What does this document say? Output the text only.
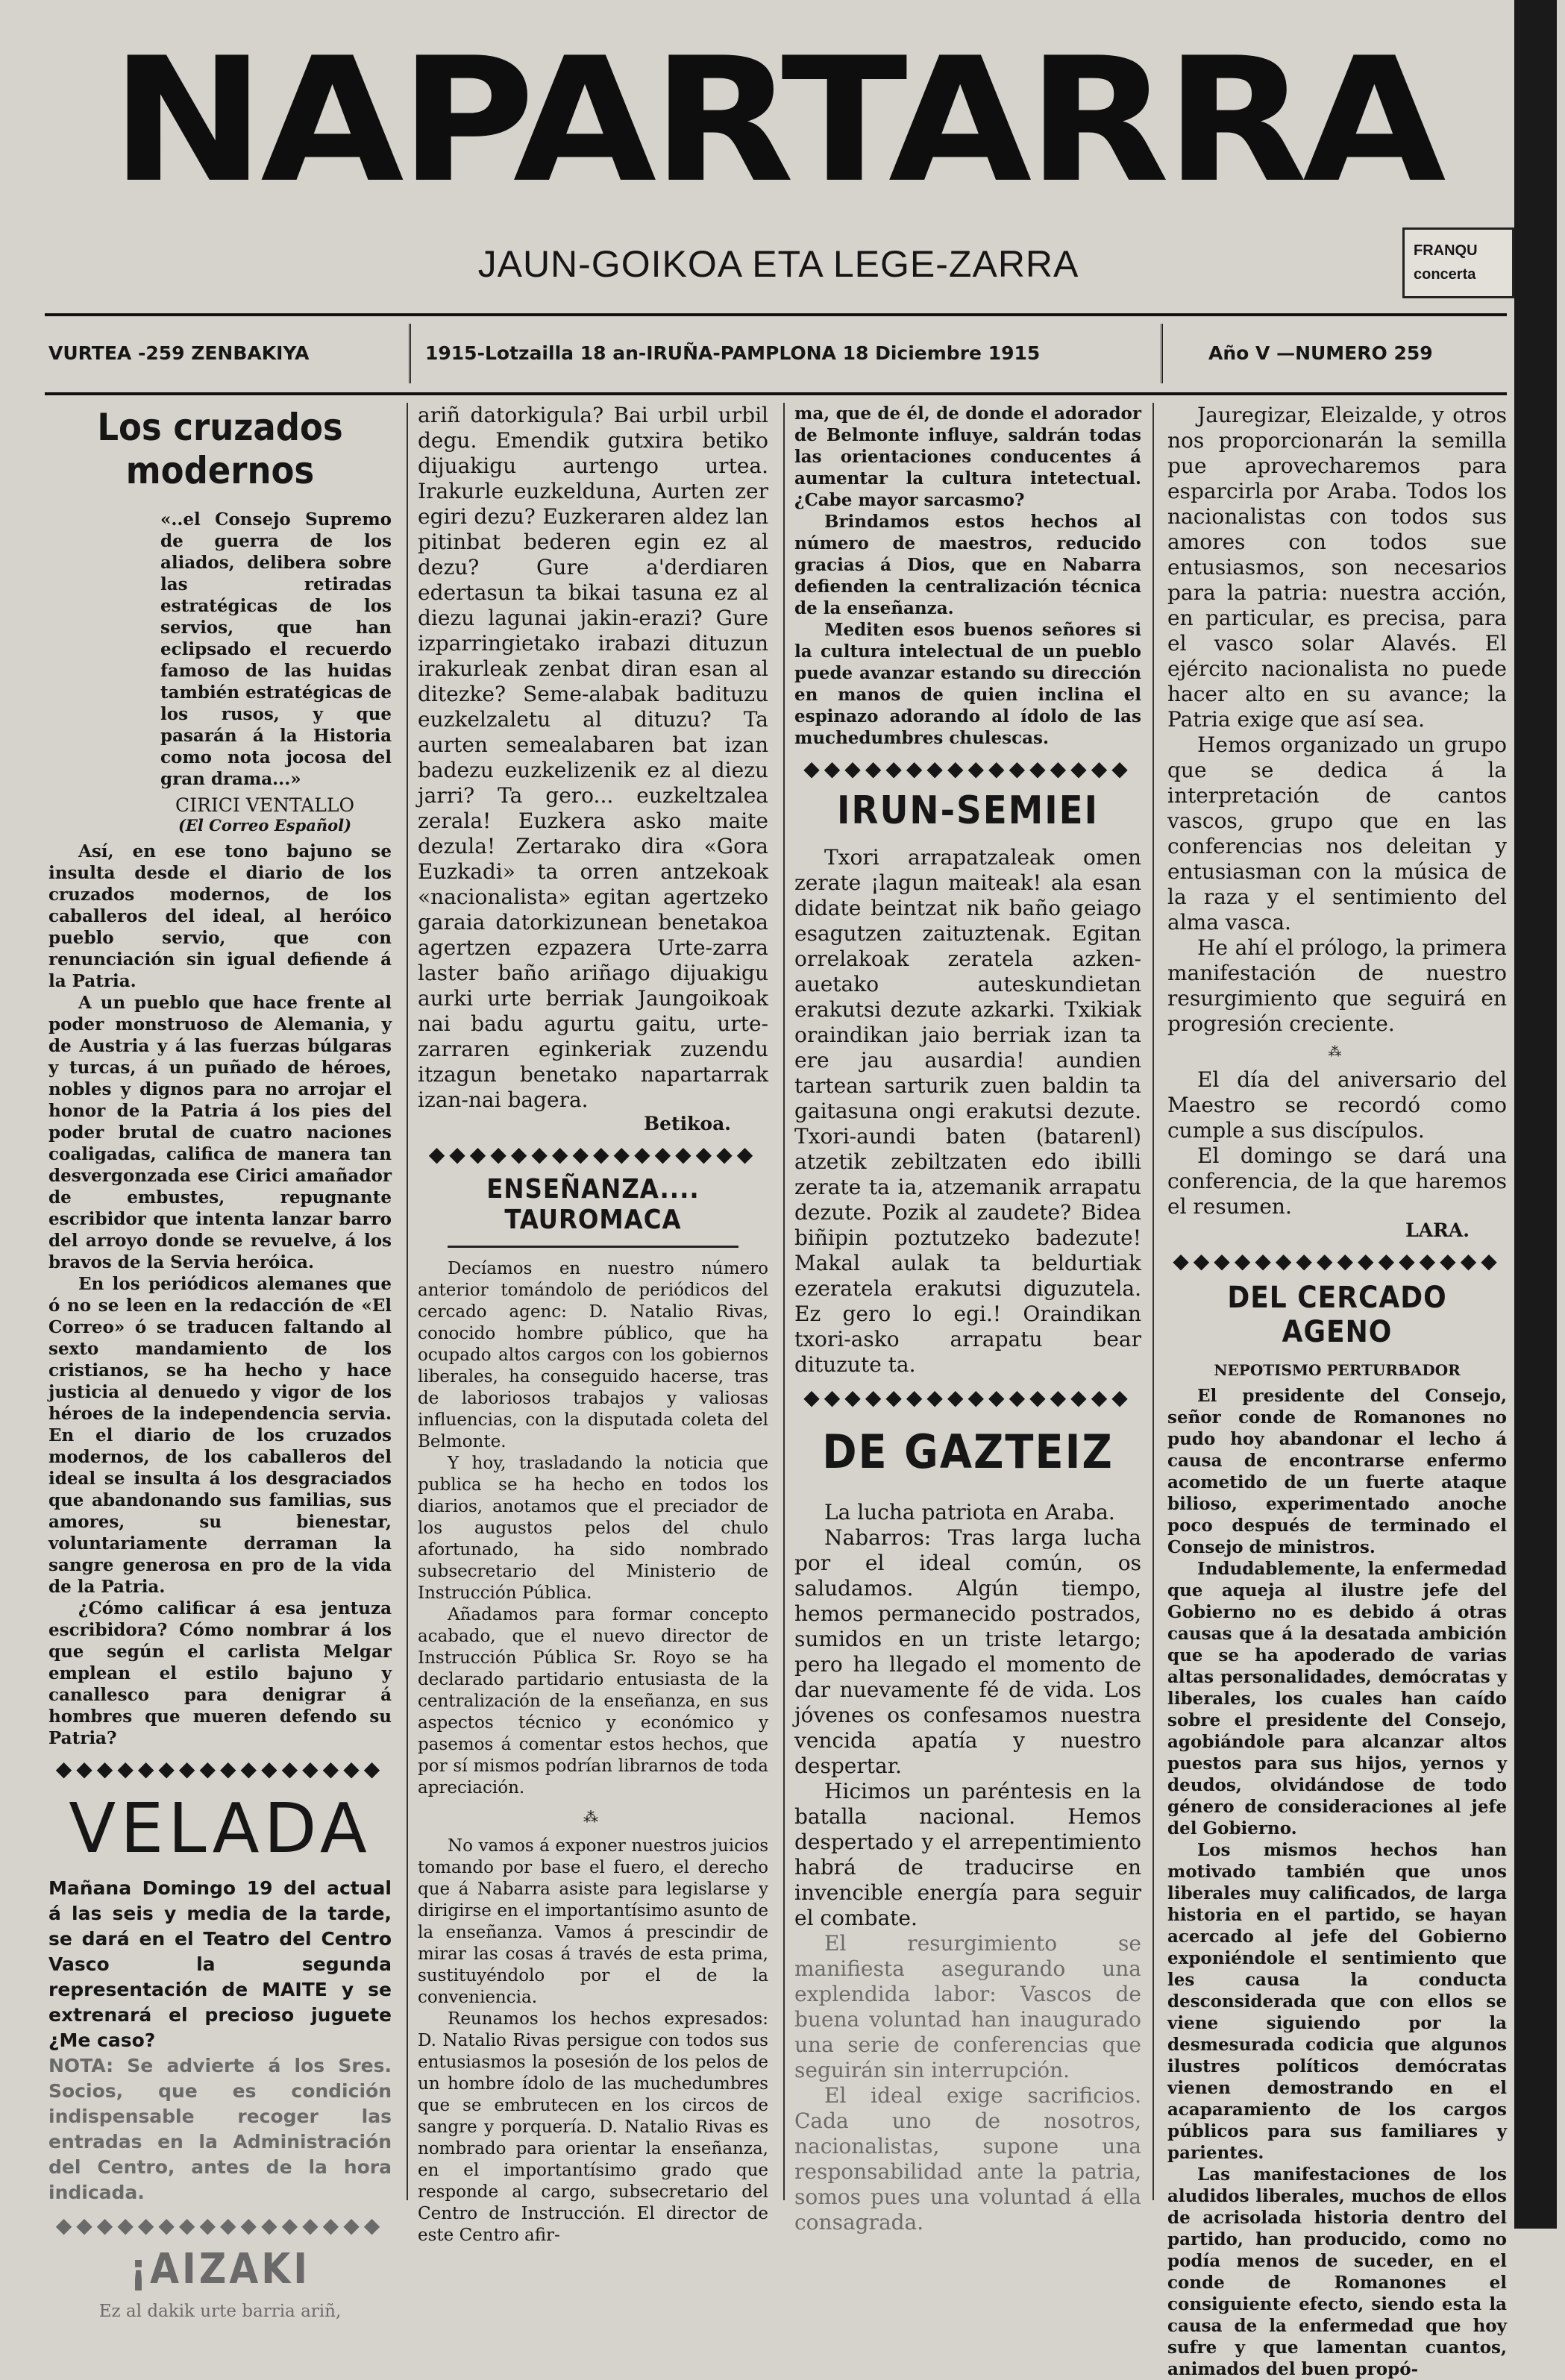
NAPARTARRA
JAUN-GOIKOA ETA LEGE-ZARRA	FRANQU
concerta
VURTEA -259 ZENBAKIYA	1915-Lotzailla 18 an-IRUÑA-PAMPLONA 18 Diciembre 1915	Año V —NUMERO 259
Los cruzados modernos
«..el Consejo Supremo de guerra de los aliados, delibera sobre las retiradas estratégicas de los servios, que han eclipsado el recuerdo famoso de las huidas también estratégicas de los rusos, y que pasarán á la Historia como nota jocosa del gran drama...»
CIRICI VENTALLO
(El Correo Español)

Así, en ese tono bajuno se insulta desde el diario de los cruzados modernos, de los caballeros del ideal, al heróico pueblo servio, que con renunciación sin igual defiende á la Patria.

A un pueblo que hace frente al poder monstruoso de Alemania, y de Austria y á las fuerzas búlgaras y turcas, á un puñado de héroes, nobles y dignos para no arrojar el honor de la Patria á los pies del poder brutal de cuatro naciones coaligadas, califica de manera tan desvergonzada ese Cirici amañador de embustes, repugnante escribidor que intenta lanzar barro del arroyo donde se revuelve, á los bravos de la Servia heróica.

En los periódicos alemanes que ó no se leen en la redacción de «El Correo» ó se traducen faltando al sexto mandamiento de los cristianos, se ha hecho y hace justicia al denuedo y vigor de los héroes de la independencia servia. En el diario de los cruzados modernos, de los caballeros del ideal se insulta á los desgraciados que abandonando sus familias, sus amores, su bienestar, voluntariamente derraman la sangre generosa en pro de la vida de la Patria.

¿Cómo calificar á esa jentuza escribidora? Cómo nombrar á los que según el carlista Melgar emplean el estilo bajuno y canallesco para denigrar á hombres que mueren defendo su Patria?

◆◆◆◆◆◆◆◆◆◆◆◆◆◆◆◆
VELADA
Mañana Domingo 19 del actual á las seis y media de la tarde, se dará en el Teatro del Centro Vasco la segunda representación de MAITE y se extrenará el precioso juguete ¿Me caso?
NOTA: Se advierte á los Sres. Socios, que es condición indispensable recoger las entradas en la Administración del Centro, antes de la hora indicada.
◆◆◆◆◆◆◆◆◆◆◆◆◆◆◆◆
¡AIZAKI
Ez al dakik urte barria ariñ,
ariñ datorkigula? Bai urbil urbil degu. Emendik gutxira betiko dijuakigu aurtengo urtea. Irakurle euzkelduna, Aurten zer egiri dezu? Euzkeraren aldez lan pitinbat bederen egin ez al dezu? Gure a'derdiaren edertasun ta bikai tasuna ez al diezu lagunai jakin-erazi? Gure izparringietako irabazi dituzun irakurleak zenbat diran esan al ditezke? Seme-alabak badituzu euzkelzaletu al dituzu? Ta aurten semealabaren bat izan badezu euzkelizenik ez al diezu jarri? Ta gero... euzkeltzalea zerala! Euzkera asko maite dezula! Zertarako dira «Gora Euzkadi» ta orren antzekoak «nacionalista» egitan agertzeko garaia datorkizunean benetakoa agertzen ezpazera Urte-zarra laster baño ariñago dijuakigu aurki urte berriak Jaungoikoak nai badu agurtu gaitu, urte-zarraren eginkeriak zuzendu itzagun benetako napartarrak izan-nai bagera.
Betikoa.
◆◆◆◆◆◆◆◆◆◆◆◆◆◆◆◆
ENSEÑANZA.... TAUROMACA

Decíamos en nuestro número anterior tomándolo de periódicos del cercado agenc: D. Natalio Rivas, conocido hombre público, que ha ocupado altos cargos con los gobiernos liberales, ha conseguido hacerse, tras de laboriosos trabajos y valiosas influencias, con la disputada coleta del Belmonte.

Y hoy, trasladando la noticia que publica se ha hecho en todos los diarios, anotamos que el preciador de los augustos pelos del chulo afortunado, ha sido nombrado subsecretario del Ministerio de Instrucción Pública.

Añadamos para formar concepto acabado, que el nuevo director de Instrucción Pública Sr. Royo se ha declarado partidario entusiasta de la centralización de la enseñanza, en sus aspectos técnico y económico y pasemos á comentar estos hechos, que por sí mismos podrían librarnos de toda apreciación.

⁂

No vamos á exponer nuestros juicios tomando por base el fuero, el derecho que á Nabarra asiste para legislarse y dirigirse en el importantísimo asunto de la enseñanza. Vamos á prescindir de mirar las cosas á través de esta prima, sustituyéndolo por el de la conveniencia.

Reunamos los hechos expresados: D. Natalio Rivas persigue con todos sus entusiasmos la posesión de los pelos de un hombre ídolo de las muchedumbres que se embrutecen en los circos de sangre y porquería. D. Natalio Rivas es nombrado para orientar la enseñanza, en el importantísimo grado que responde al cargo, subsecretario del Centro de Instrucción. El director de este Centro afir-

ma, que de él, de donde el adorador de Belmonte influye, saldrán todas las orientaciones conducentes á aumentar la cultura intetectual. ¿Cabe mayor sarcasmo?

Brindamos estos hechos al número de maestros, reducido gracias á Dios, que en Nabarra defienden la centralización técnica de la enseñanza.

Mediten esos buenos señores si la cultura intelectual de un pueblo puede avanzar estando su dirección en manos de quien inclina el espinazo adorando al ídolo de las muchedumbres chulescas.

◆◆◆◆◆◆◆◆◆◆◆◆◆◆◆◆
IRUN-SEMIEI

Txori arrapatzaleak omen zerate ¡lagun maiteak! ala esan didate beintzat nik baño geiago esagutzen zaituztenak. Egitan orrelakoak zeratela azken-auetako auteskundietan erakutsi dezute azkarki. Txikiak oraindikan jaio berriak izan ta ere jau ausardia! aundien tartean sarturik zuen baldin ta gaitasuna ongi erakutsi dezute. Txori-aundi baten (batarenl) atzetik zebiltzaten edo ibilli zerate ta ia, atzemanik arrapatu dezute. Pozik al zaudete? Bidea biñipin poztutzeko badezute! Makal aulak ta beldurtiak ezeratela erakutsi diguzutela. Ez gero lo egi.! Oraindikan txori-asko arrapatu bear dituzute ta.

◆◆◆◆◆◆◆◆◆◆◆◆◆◆◆◆
DE GAZTEIZ

La lucha patriota en Araba.

Nabarros: Tras larga lucha por el ideal común, os saludamos. Algún tiempo, hemos permanecido postrados, sumidos en un triste letargo; pero ha llegado el momento de dar nuevamente fé de vida. Los jóvenes os confesamos nuestra vencida apatía y nuestro despertar.

Hicimos un paréntesis en la batalla nacional. Hemos despertado y el arrepentimiento habrá de traducirse en invencible energía para seguir el combate.

El resurgimiento se manifiesta asegurando una explendida labor: Vascos de buena voluntad han inaugurado una serie de conferencias que seguirán sin interrupción.

El ideal exige sacrificios. Cada uno de nosotros, nacionalistas, supone una responsabilidad ante la patria, somos pues una voluntad á ella consagrada.

Jauregizar, Eleizalde, y otros nos proporcionarán la semilla pue aprovecharemos para esparcirla por Araba. Todos los nacionalistas con todos sus amores con todos sue entusiasmos, son necesarios para la patria: nuestra acción, en particular, es precisa, para el vasco solar Alavés. El ejército nacionalista no puede hacer alto en su avance; la Patria exige que así sea.

Hemos organizado un grupo que se dedica á la interpretación de cantos vascos, grupo que en las conferencias nos deleitan y entusiasman con la música de la raza y el sentimiento del alma vasca.

He ahí el prólogo, la primera manifestación de nuestro resurgimiento que seguirá en progresión creciente.

⁂

El día del aniversario del Maestro se recordó como cumple a sus discípulos.

El domingo se dará una conferencia, de la que haremos el resumen.

LARA.
◆◆◆◆◆◆◆◆◆◆◆◆◆◆◆◆
DEL CERCADO AGENO
NEPOTISMO PERTURBADOR

El presidente del Consejo, señor conde de Romanones no pudo hoy abandonar el lecho á causa de encontrarse enfermo acometido de un fuerte ataque bilioso, experimentado anoche poco después de terminado el Consejo de ministros.

Indudablemente, la enfermedad que aqueja al ilustre jefe del Gobierno no es debido á otras causas que á la desatada ambición que se ha apoderado de varias altas personalidades, demócratas y liberales, los cuales han caído sobre el presidente del Consejo, agobiándole para alcanzar altos puestos para sus hijos, yernos y deudos, olvidándose de todo género de consideraciones al jefe del Gobierno.

Los mismos hechos han motivado también que unos liberales muy calificados, de larga historia en el partido, se hayan acercado al jefe del Gobierno exponiéndole el sentimiento que les causa la conducta desconsiderada que con ellos se viene siguiendo por la desmesurada codicia que algunos ilustres políticos demócratas vienen demostrando en el acaparamiento de los cargos públicos para sus familiares y parientes.

Las manifestaciones de los aludidos liberales, muchos de ellos de acrisolada historia dentro del partido, han producido, como no podía menos de suceder, en el conde de Romanones el consiguiente efecto, siendo esta la causa de la enfermedad que hoy sufre y que lamentan cuantos, animados del buen propó-
